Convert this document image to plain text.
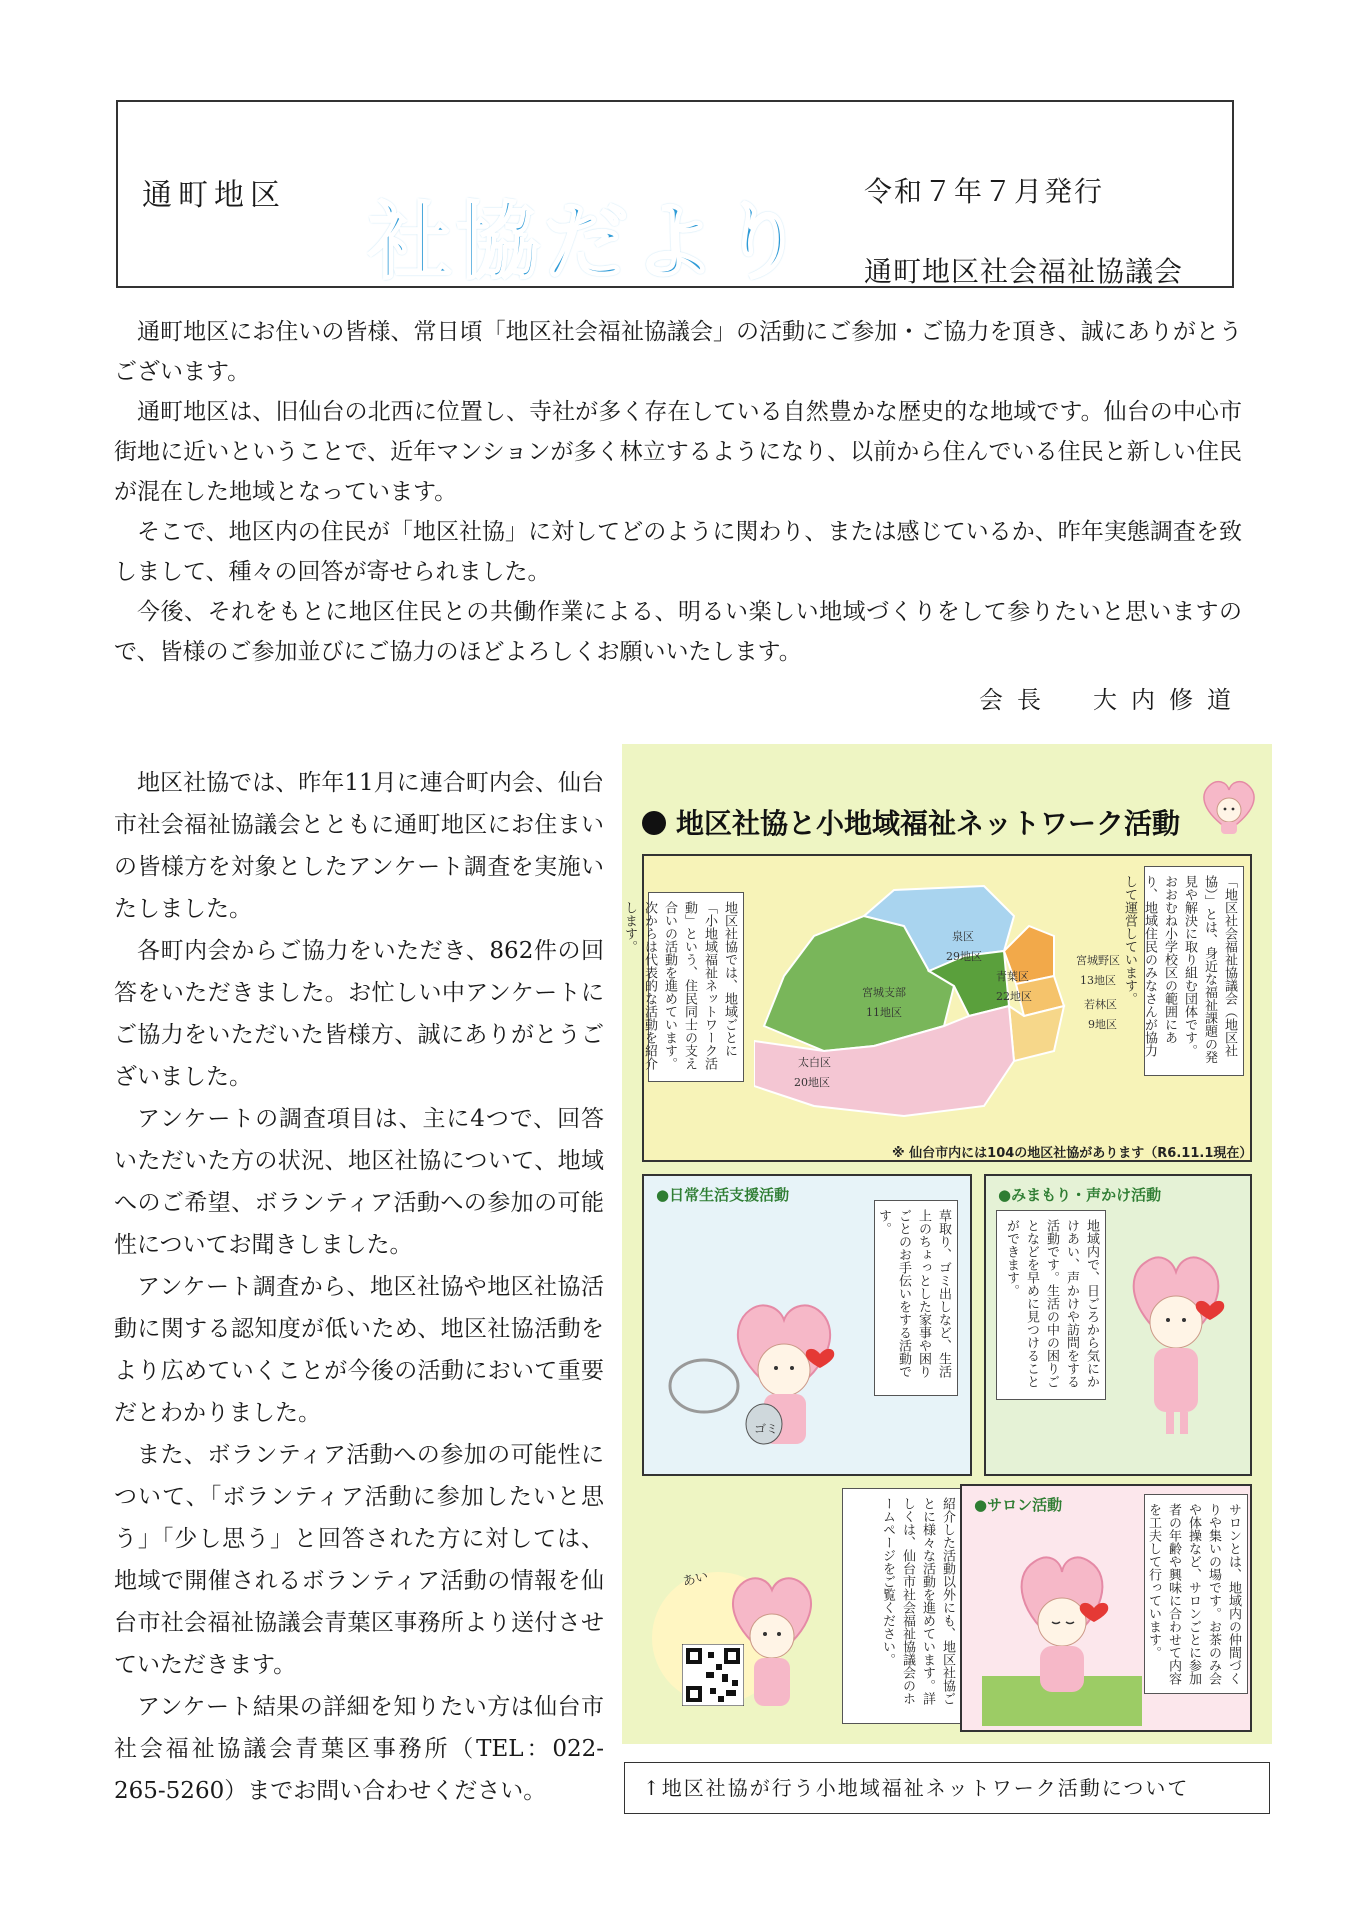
通町地区 社協だより
令和７年７月発行
通町地区社会福祉協議会

通町地区にお住いの皆様、常日頃「地区社会福祉協議会」の活動にご参加・ご協力を頂き、誠にありがとうございます。

通町地区は、旧仙台の北西に位置し、寺社が多く存在している自然豊かな歴史的な地域です。仙台の中心市街地に近いということで、近年マンションが多く林立するようになり、以前から住んでいる住民と新しい住民が混在した地域となっています。

そこで、地区内の住民が「地区社協」に対してどのように関わり、または感じているか、昨年実態調査を致しまして、種々の回答が寄せられました。

今後、それをもとに地区住民との共働作業による、明るい楽しい地域づくりをして参りたいと思いますので、皆様のご参加並びにご協力のほどよろしくお願いいたします。

会長　大内修道

地区社協では、昨年11月に連合町内会、仙台市社会福祉協議会とともに通町地区にお住まいの皆様方を対象としたアンケート調査を実施いたしました。

各町内会からご協力をいただき、862件の回答をいただきました。お忙しい中アンケートにご協力をいただいた皆様方、誠にありがとうございました。

アンケートの調査項目は、主に4つで、回答いただいた方の状況、地区社協について、地域へのご希望、ボランティア活動への参加の可能性についてお聞きしました。

アンケート調査から、地区社協や地区社協活動に関する認知度が低いため、地区社協活動をより広めていくことが今後の活動において重要だとわかりました。

また、ボランティア活動への参加の可能性について、「ボランティア活動に参加したいと思う」「少し思う」と回答された方に対しては、地域で開催されるボランティア活動の情報を仙台市社会福祉協議会青葉区事務所より送付させていただきます。

アンケート結果の詳細を知りたい方は仙台市社会福祉協議会青葉区事務所（TEL：022-265-5260）までお問い合わせください。

地区社協と小地域福祉ネットワーク活動
地区社協では、地域ごとに「小地域福祉ネットワーク活動」という、住民同士の支え合いの活動を進めています。次からは代表的な活動を紹介します。	泉区
29地区	宮城野区
13地区
青葉区
22地区
宮城支部
11地区
若林区
9地区
太白区
20地区
「地区社会福祉協議会（地区社協）」とは、身近な福祉課題の発見や解決に取り組む団体です。おおむね小学校区の範囲にあり、地域住民のみなさんが協力して運営しています。
※ 仙台市内には104の地区社協があります（R6.11.1現在）
●日常生活支援活動
草取り、ゴミ出しなど、生活上のちょっとした家事や困りごとのお手伝いをする活動です。
ゴミ
●みまもり・声かけ活動
地域内で、日ごろから気にかけあい、声かけや訪問をする活動です。生活の中の困りごとなどを早めに見つけることができます。
紹介した活動以外にも、地区社協ごとに様々な活動を進めています。詳しくは、仙台市社会福祉協議会のホームページをご覧ください。
あい
●サロン活動	サロンとは、地域内の仲間づくりや集いの場です。お茶のみ会や体操など、サロンごとに参加者の年齢や興味に合わせて内容を工夫して行っています。
↑地区社協が行う小地域福祉ネットワーク活動について
